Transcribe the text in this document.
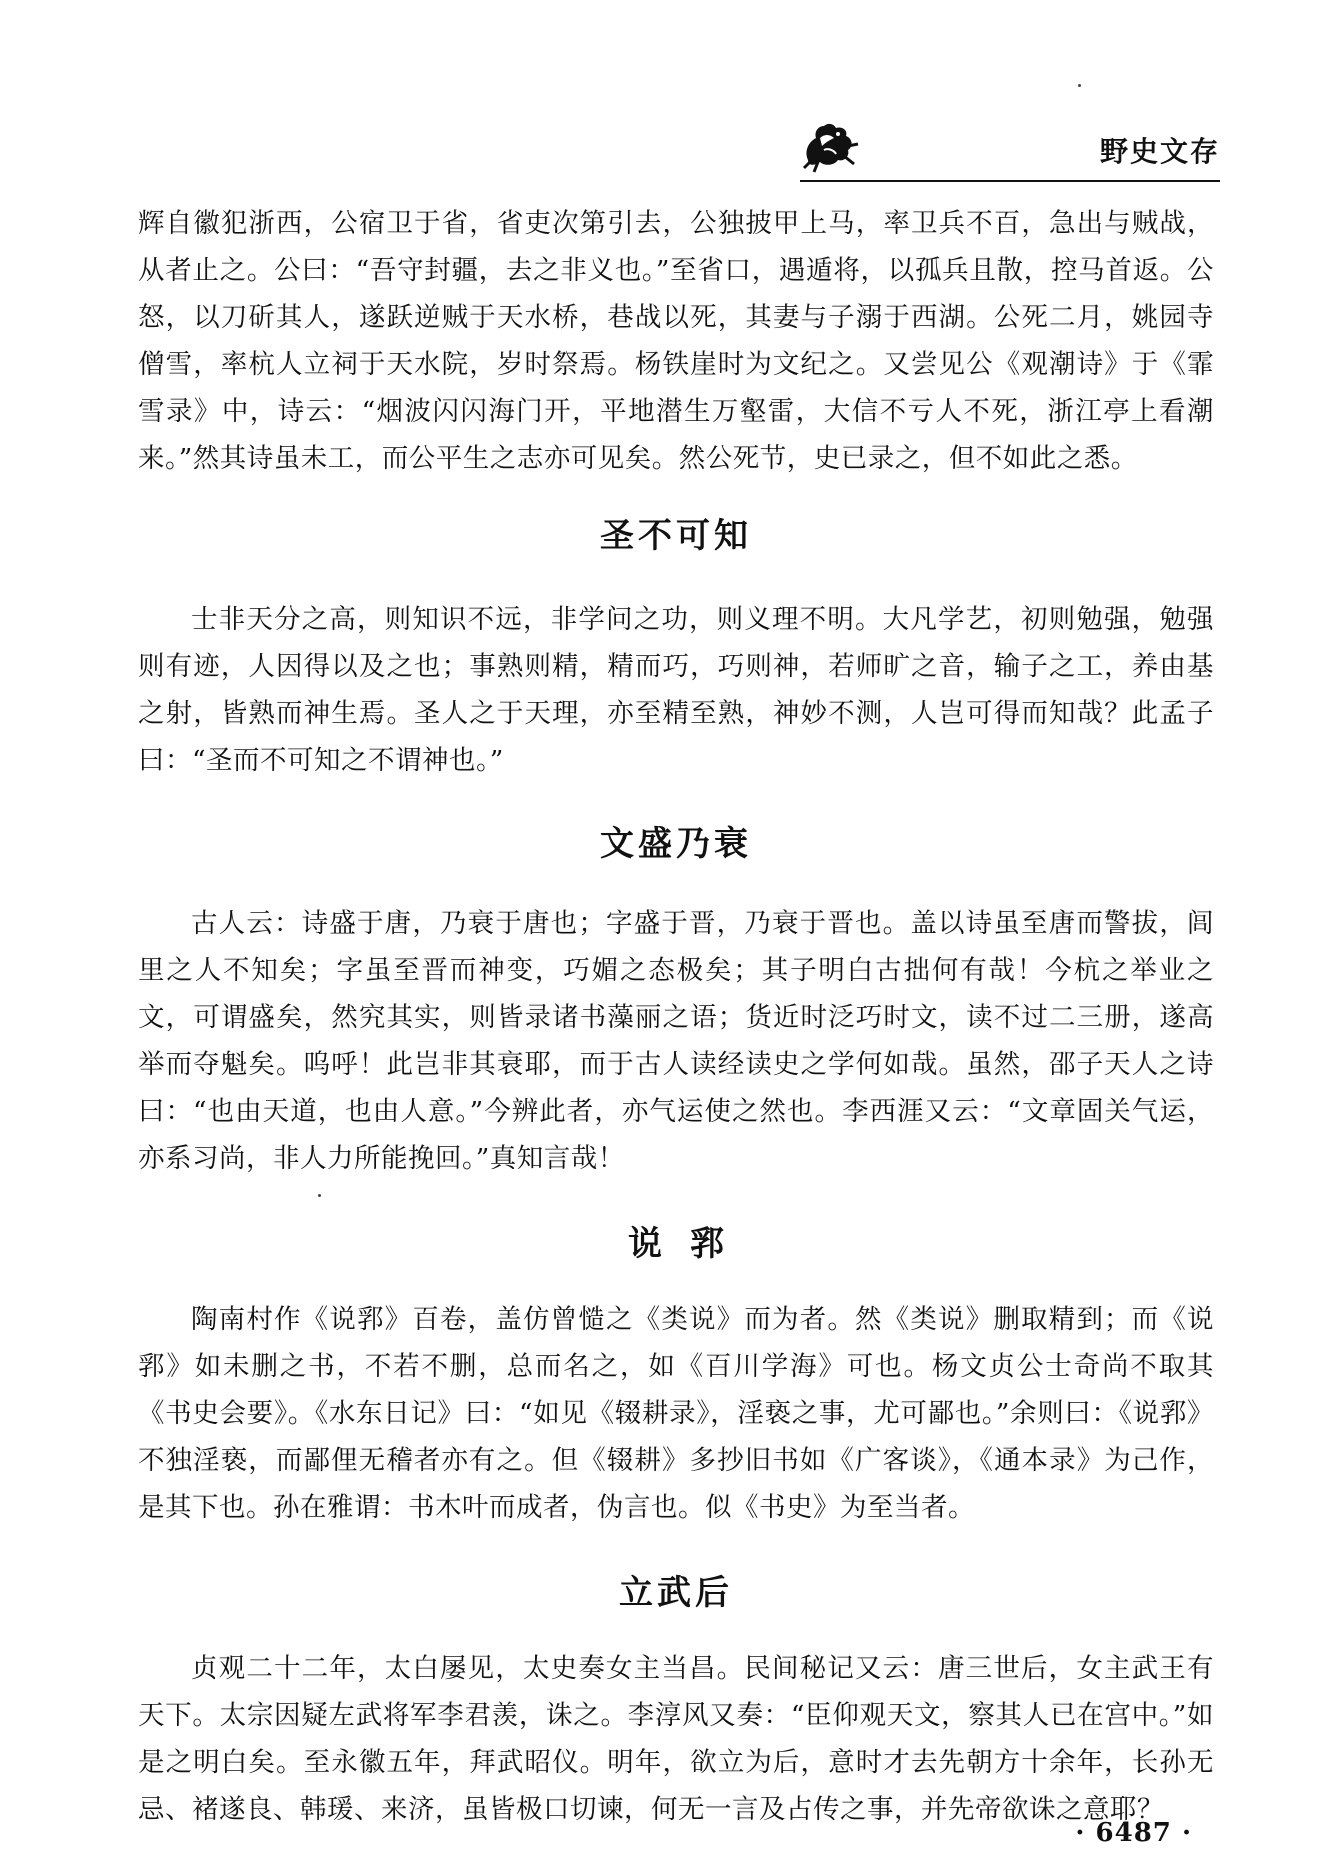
野史文存

辉自徽犯浙西，公宿卫于省，省吏次第引去，公独披甲上马，率卫兵不百，急出与贼战，从者止之。公曰：“吾守封疆，去之非义也。”至省口，遇遁将，以孤兵且散，控马首返。公怒，以刀斫其人，遂跃逆贼于天水桥，巷战以死，其妻与子溺于西湖。公死二月，姚园寺僧雪，率杭人立祠于天水院，岁时祭焉。杨铁崖时为文纪之。又尝见公《观潮诗》于《霏雪录》中，诗云：“烟波闪闪海门开，平地潜生万壑雷，大信不亏人不死，浙江亭上看潮来。”然其诗虽未工，而公平生之志亦可见矣。然公死节，史已录之，但不如此之悉。

圣不可知

士非天分之高，则知识不远，非学问之功，则义理不明。大凡学艺，初则勉强，勉强则有迹，人因得以及之也；事熟则精，精而巧，巧则神，若师旷之音，输子之工，养由基之射，皆熟而神生焉。圣人之于天理，亦至精至熟，神妙不测，人岂可得而知哉？此孟子曰：“圣而不可知之不谓神也。”

文盛乃衰

古人云：诗盛于唐，乃衰于唐也；字盛于晋，乃衰于晋也。盖以诗虽至唐而警拔，闾里之人不知矣；字虽至晋而神变，巧媚之态极矣；其子明白古拙何有哉！今杭之举业之文，可谓盛矣，然究其实，则皆录诸书藻丽之语；货近时泛巧时文，读不过二三册，遂高举而夺魁矣。呜呼！此岂非其衰耶，而于古人读经读史之学何如哉。虽然，邵子天人之诗曰：“也由天道，也由人意。”今辨此者，亦气运使之然也。李西涯又云：“文章固关气运，亦系习尚，非人力所能挽回。”真知言哉！

说郛

陶南村作《说郛》百卷，盖仿曾慥之《类说》而为者。然《类说》删取精到；而《说郛》如未删之书，不若不删，总而名之，如《百川学海》可也。杨文贞公士奇尚不取其《书史会要》。《水东日记》曰：“如见《辍耕录》，淫亵之事，尤可鄙也。”余则曰：《说郛》不独淫亵，而鄙俚无稽者亦有之。但《辍耕》多抄旧书如《广客谈》，《通本录》为己作，是其下也。孙在雅谓：书木叶而成者，伪言也。似《书史》为至当者。

立武后

贞观二十二年，太白屡见，太史奏女主当昌。民间秘记又云：唐三世后，女主武王有天下。太宗因疑左武将军李君羡，诛之。李淳风又奏：“臣仰观天文，察其人已在宫中。”如是之明白矣。至永徽五年，拜武昭仪。明年，欲立为后，意时才去先朝方十余年，长孙无忌、褚遂良、韩瑗、来济，虽皆极口切谏，何无一言及占传之事，并先帝欲诛之意耶？

· 6487 ·
